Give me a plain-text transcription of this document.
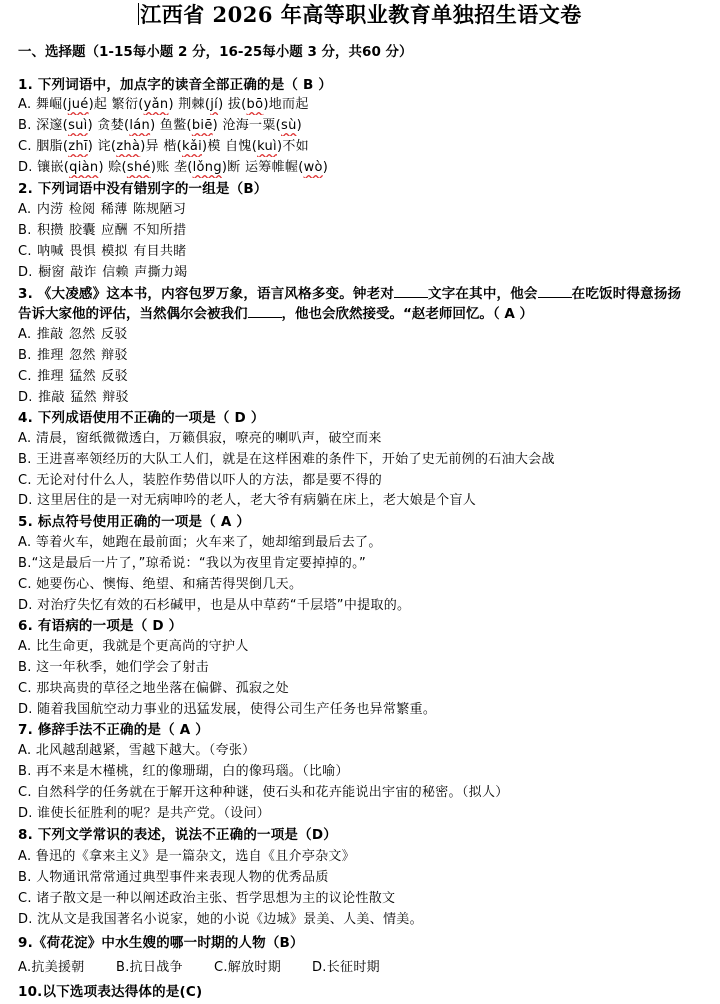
江西省 2026 年高等职业教育单独招生语文卷
一、选择题（1-15每小题 2 分，16-25每小题 3 分，共60 分）
1. 下列词语中，加点字的读音全部正确的是（ B ）
A. 舞崛(jué)起 繁衍(yǎn) 荆棘(jí) 拔(bō)地而起
B. 深邃(suì) 贪婪(lán) 鱼鳖(biē) 沧海一粟(sù)
C. 胭脂(zhī) 诧(zhà)异 楷(kǎi)模 自愧(kuì)不如
D. 镶嵌(qiàn) 赊(shé)账 垄(lǒng)断 运筹帷幄(wò)
2. 下列词语中没有错别字的一组是（B）
A. 内涝 检阅 稀薄 陈规陋习
B. 积攒 胶囊 应酬 不知所措
C. 呐喊 畏惧 模拟 有目共睹
D. 橱窗 敲诈 信赖 声撕力竭
3. 《大凌感》这本书，内容包罗万象，语言风格多变。钟老对	文字在其中，他会	在吃饭时得意扬扬
告诉大家他的评估，当然偶尔会被我们	，他也会欣然接受。“赵老师回忆。（ A ）
A. 推敲 忽然 反驳
B. 推理 忽然 辩驳
C. 推理 猛然 反驳
D. 推敲 猛然 辩驳
4. 下列成语使用不正确的一项是（ D ）
A. 清晨，窗纸微微透白，万籁俱寂，嘹亮的喇叭声，破空而来
B. 王进喜率领经历的大队工人们，就是在这样困难的条件下，开始了史无前例的石油大会战
C. 无论对付什么人，装腔作势借以吓人的方法，都是要不得的
D. 这里居住的是一对无病呻吟的老人，老大爷有病躺在床上，老大娘是个盲人
5. 标点符号使用正确的一项是（ A ）
A. 等着火车，她跑在最前面；火车来了，她却缩到最后去了。
B.“这是最后一片了，”琼希说：“我以为夜里肯定要掉掉的。”
C. 她要伤心、懊悔、绝望、和痛苦得哭倒几天。
D. 对治疗失忆有效的石杉碱甲，也是从中草药“千层塔”中提取的。
6. 有语病的一项是（ D ）
A. 比生命更，我就是个更高尚的守护人
B. 这一年秋季，她们学会了射击
C. 那块高贵的草径之地坐落在偏僻、孤寂之处
D. 随着我国航空动力事业的迅猛发展，使得公司生产任务也异常繁重。
7. 修辞手法不正确的是（ A ）
A. 北风越刮越紧，雪越下越大。（夸张）
B. 再不来是木槿桃，红的像珊瑚，白的像玛瑙。（比喻）
C. 自然科学的任务就在于解开这种种谜，使石头和花卉能说出宇宙的秘密。（拟人）
D. 谁使长征胜利的呢？是共产党。（设问）
8. 下列文学常识的表述，说法不正确的一项是（D）
A. 鲁迅的《拿来主义》是一篇杂文，选自《且介亭杂文》
B. 人物通讯常常通过典型事件来表现人物的优秀品质
C. 诸子散文是一种以阐述政治主张、哲学思想为主的议论性散文
D. 沈从文是我国著名小说家，她的小说《边城》景美、人美、情美。
9.《荷花淀》中水生嫂的哪一时期的人物（B）
A.抗美援朝 B.抗日战争 C.解放时期 D.长征时期
10.以下选项表达得体的是(C)
